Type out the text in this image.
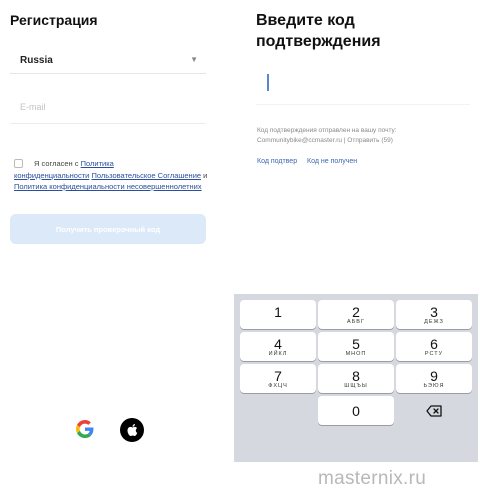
Регистрация
Russia	▼
E-mail
Я согласен с Политика
конфиденциальности Пользовательское Соглашение и Политика конфиденциальности несовершеннолетних
Получить проверочный код
Введите код
подтверждения
Код подтверждения отправлен на вашу почту:
Communitybike@ccmaster.ru | Отправить (59)
Код подтвер Код не получен
1	2
АБВГ
3
ДЕЖЗ
4
ИЙКЛ
5
МНОП
6
РСТУ
7
ФХЦЧ
8
ШЩЪЫ
9
ЬЭЮЯ
0
masternix.ru
